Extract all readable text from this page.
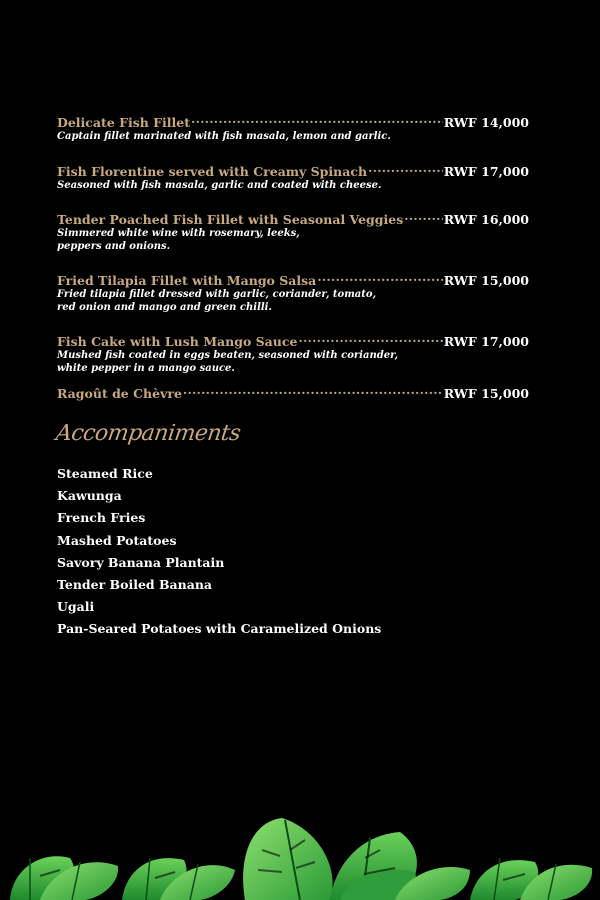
Delicate Fish Fillet .....	RWF 14,000
Captain fillet marinated with fish masala, lemon and garlic.
Fish Florentine served with Creamy Spinach .....	RWF 17,000
Seasoned with fish masala, garlic and coated with cheese.
Tender Poached Fish Fillet with Seasonal Veggies .....	RWF 16,000
Simmered white wine with rosemary, leeks,
peppers and onions.
Fried Tilapia Fillet with Mango Salsa .....	RWF 15,000
Fried tilapia fillet dressed with garlic, coriander, tomato,
red onion and mango and green chilli.
Fish Cake with Lush Mango Sauce .....	RWF 17,000
Mushed fish coated in eggs beaten, seasoned with coriander,
white pepper in a mango sauce.
Ragoût de Chèvre .....	RWF 15,000
Accompaniments
Steamed Rice
Kawunga
French Fries
Mashed Potatoes
Savory Banana Plantain
Tender Boiled Banana
Ugali
Pan-Seared Potatoes with Caramelized Onions
